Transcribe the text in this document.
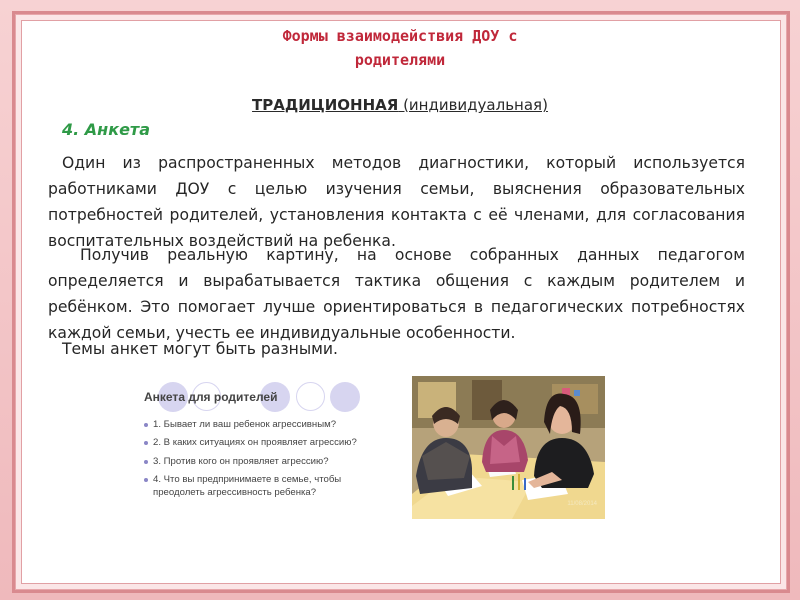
Формы взаимодействия ДОУ с
родителями
ТРАДИЦИОННАЯ (индивидуальная)
4. Анкета
Один из распространенных методов диагностики, который используется работниками ДОУ с целью изучения семьи, выяснения образовательных потребностей родителей, установления контакта с её членами, для согласования воспитательных воздействий на ребенка.
Получив реальную картину, на основе собранных данных педагогом определяется и вырабатывается тактика общения с каждым родителем и ребёнком. Это помогает лучше ориентироваться в педагогических потребностях каждой семьи, учесть ее индивидуальные особенности.
Темы анкет могут быть разными.
Анкета для родителей
1. Бывает ли ваш ребенок агрессивным?
2. В каких ситуациях он проявляет агрессию?
3. Против кого он проявляет агрессию?
4. Что вы предпринимаете в семье, чтобы преодолеть агрессивность ребенка?
11/08/2014
